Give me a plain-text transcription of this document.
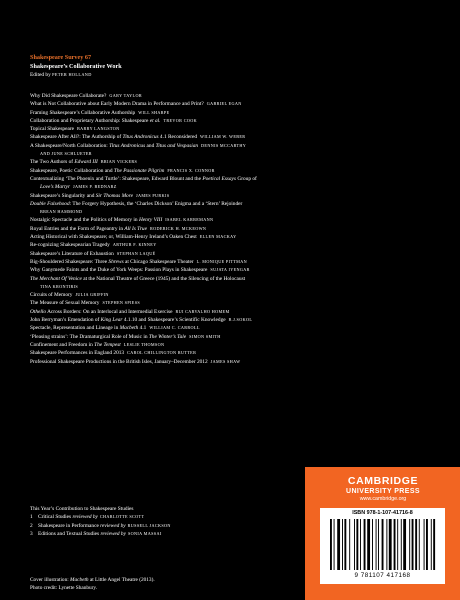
Shakespeare Survey 67
Shakespeare’s Collaborative Work
Edited by PETER HOLLAND
Why Did Shakespeare Collaborate? GARY TAYLOR
What is Not Collaborative about Early Modern Drama in Performance and Print? GABRIEL EGAN
Framing Shakespeare’s Collaborative Authorship WILL SHARPE
Collaboration and Proprietary Authorship: Shakespeare et al. TREVOR COOK
Topical Shakespeare BARRY LANGSTON
Shakespeare After All?: The Authorship of Titus Andronicus 4.1 Reconsidered WILLIAM W. WEBER
A Shakespeare/North Collaboration: Titus Andronicus and Titus and Vespasian DENNIS MCCARTHY
AND JUNE SCHLUETER
The Two Authors of Edward III BRIAN VICKERS
Shakespeare, Poetic Collaboration and The Passionate Pilgrim FRANCIS X. CONNOR
Contextualizing ‘The Phoenix and Turtle’: Shakespeare, Edward Blount and the Poetical Essays Group of
Love’s Martyr JAMES P. BEDNARZ
Shakespeare’s Singularity and Sir Thomas More JAMES PURKIS
Double Falsehood: The Forgery Hypothesis, the ‘Charles Dickson’ Enigma and a ‘Stern’ Rejoinder
BREAN HAMMOND
Nostalgic Spectacle and the Politics of Memory in Henry VIII ISABEL KARREMANN
Royal Entries and the Form of Pageantry in All Is True RODERICK H. MCKEOWN
Acting Historical with Shakespeare; or, William-Henry Ireland’s Oaken Chest ELLEN MACKAY
Re-cognizing Shakespearian Tragedy ARTHUR F. KINNEY
Shakespeare’s Literature of Exhaustion STEPHAN LAQUÉ
Big-Shouldered Shakespeare: Three Shrews at Chicago Shakespeare Theater L. MONIQUE PITTMAN
Why Ganymede Faints and the Duke of York Weeps: Passion Plays in Shakespeare SUJATA IYENGAR
The Merchant Of Venice at the National Theatre of Greece (1945) and the Silencing of the Holocaust
TINA KRONTIRIS
Circuits of Memory JULIA GRIFFIN
The Measure of Sexual Memory STEPHEN SPIESS
Othello Across Borders: On an Interlocal and Intermedial Exercise RUI CARVALHO HOMEM
John Berryman’s Emendation of King Lear 4.1.10 and Shakespeare’s Scientific Knowledge B.J.SOKOL
Spectacle, Representation and Lineage in Macbeth 4.1 WILLIAM C. CARROLL
‘Pleasing strains’: The Dramaturgical Role of Music in The Winter’s Tale SIMON SMITH
Confinement and Freedom in The Tempest LESLIE THOMSON
Shakespeare Performances in England 2013 CAROL CHILLINGTON RUTTER
Professional Shakespeare Productions in the British Isles, January–December 2012 JAMES SHAW
This Year’s Contribution to Shakespeare Studies
1 Critical Studies reviewed by CHARLOTTE SCOTT
2 Shakespeare in Performance reviewed by RUSSELL JACKSON
3 Editions and Textual Studies reviewed by SONIA MASSAI
Cover illustration: Macbeth at Little Angel Theatre (2013).
Photo credit: Lynette Shanbury.
CAMBRIDGE
UNIVERSITY PRESS
www.cambridge.org
ISBN 978-1-107-41716-8
9 781107 417168
